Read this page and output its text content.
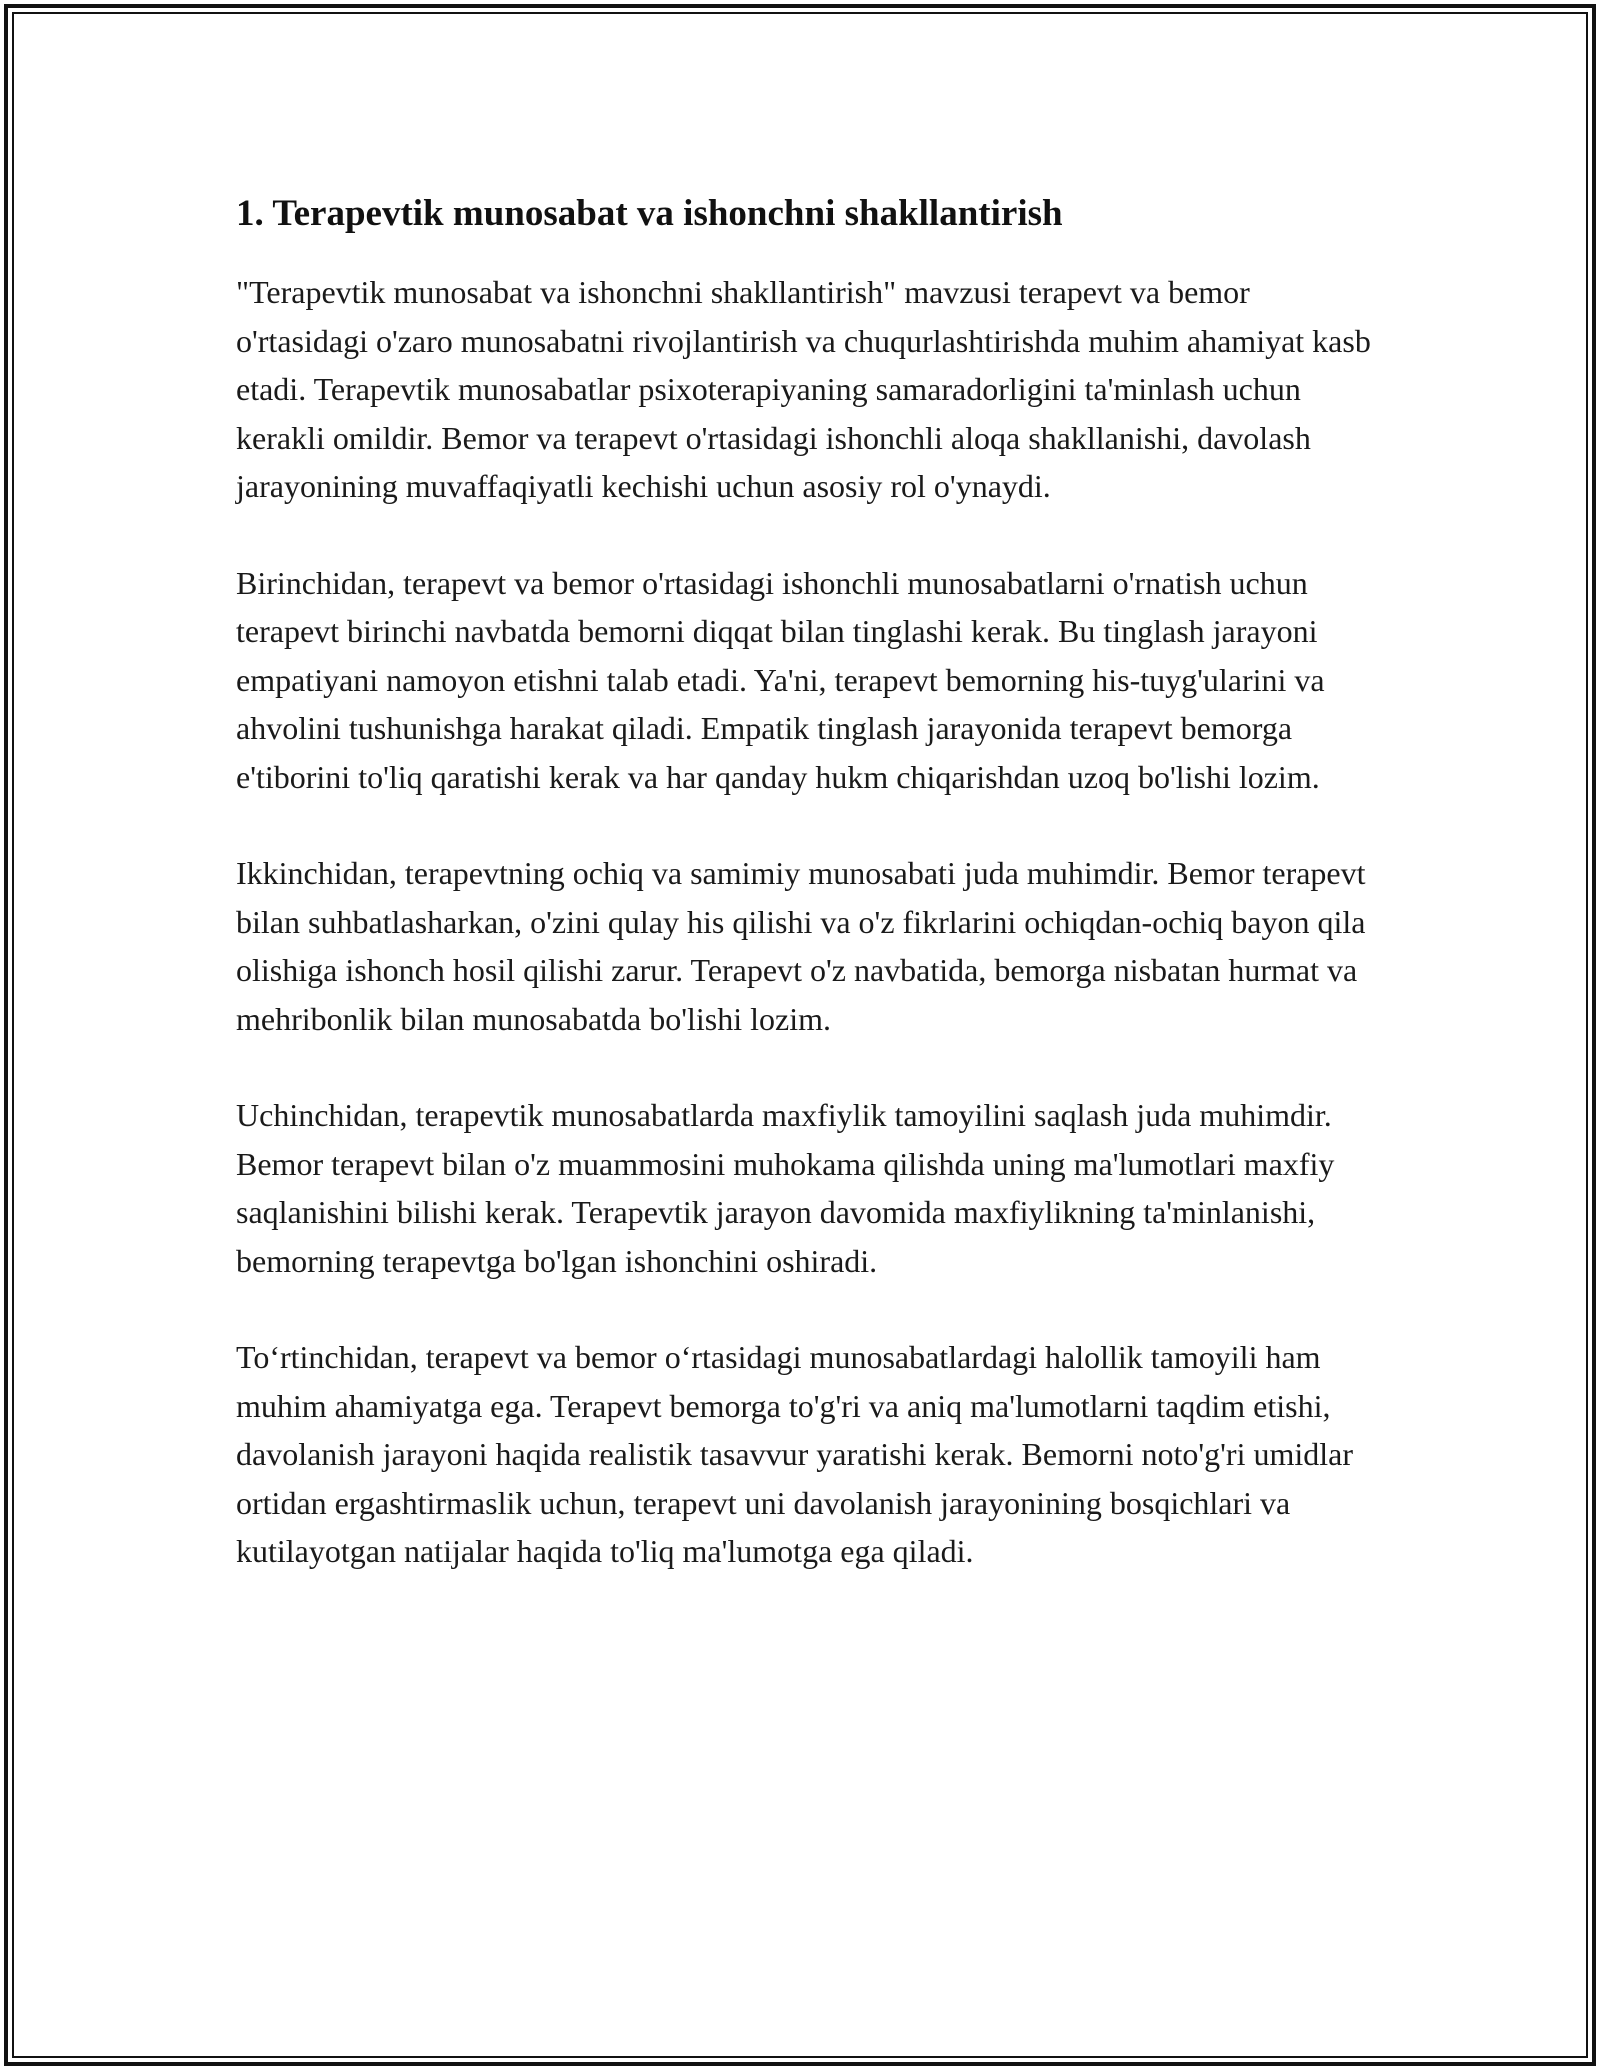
1. Terapevtik munosabat va ishonchni shakllantirish

"Terapevtik munosabat va ishonchni shakllantirish" mavzusi terapevt va bemor o'rtasidagi o'zaro munosabatni rivojlantirish va chuqurlashtirishda muhim ahamiyat kasb etadi. Terapevtik munosabatlar psixoterapiyaning samaradorligini ta'minlash uchun kerakli omildir. Bemor va terapevt o'rtasidagi ishonchli aloqa shakllanishi, davolash jarayonining muvaffaqiyatli kechishi uchun asosiy rol o'ynaydi.

Birinchidan, terapevt va bemor o'rtasidagi ishonchli munosabatlarni o'rnatish uchun terapevt birinchi navbatda bemorni diqqat bilan tinglashi kerak. Bu tinglash jarayoni empatiyani namoyon etishni talab etadi. Ya'ni, terapevt bemorning his-tuyg'ularini va ahvolini tushunishga harakat qiladi. Empatik tinglash jarayonida terapevt bemorga e'tiborini to'liq qaratishi kerak va har qanday hukm chiqarishdan uzoq bo'lishi lozim.

Ikkinchidan, terapevtning ochiq va samimiy munosabati juda muhimdir. Bemor terapevt bilan suhbatlasharkan, o'zini qulay his qilishi va o'z fikrlarini ochiqdan-ochiq bayon qila olishiga ishonch hosil qilishi zarur. Terapevt o'z navbatida, bemorga nisbatan hurmat va mehribonlik bilan munosabatda bo'lishi lozim.

Uchinchidan, terapevtik munosabatlarda maxfiylik tamoyilini saqlash juda muhimdir. Bemor terapevt bilan o'z muammosini muhokama qilishda uning ma'lumotlari maxfiy saqlanishini bilishi kerak. Terapevtik jarayon davomida maxfiylikning ta'minlanishi, bemorning terapevtga bo'lgan ishonchini oshiradi.

To‘rtinchidan, terapevt va bemor o‘rtasidagi munosabatlardagi halollik tamoyili ham muhim ahamiyatga ega. Terapevt bemorga to'g'ri va aniq ma'lumotlarni taqdim etishi, davolanish jarayoni haqida realistik tasavvur yaratishi kerak. Bemorni noto'g'ri umidlar ortidan ergashtirmaslik uchun, terapevt uni davolanish jarayonining bosqichlari va kutilayotgan natijalar haqida to'liq ma'lumotga ega qiladi.
